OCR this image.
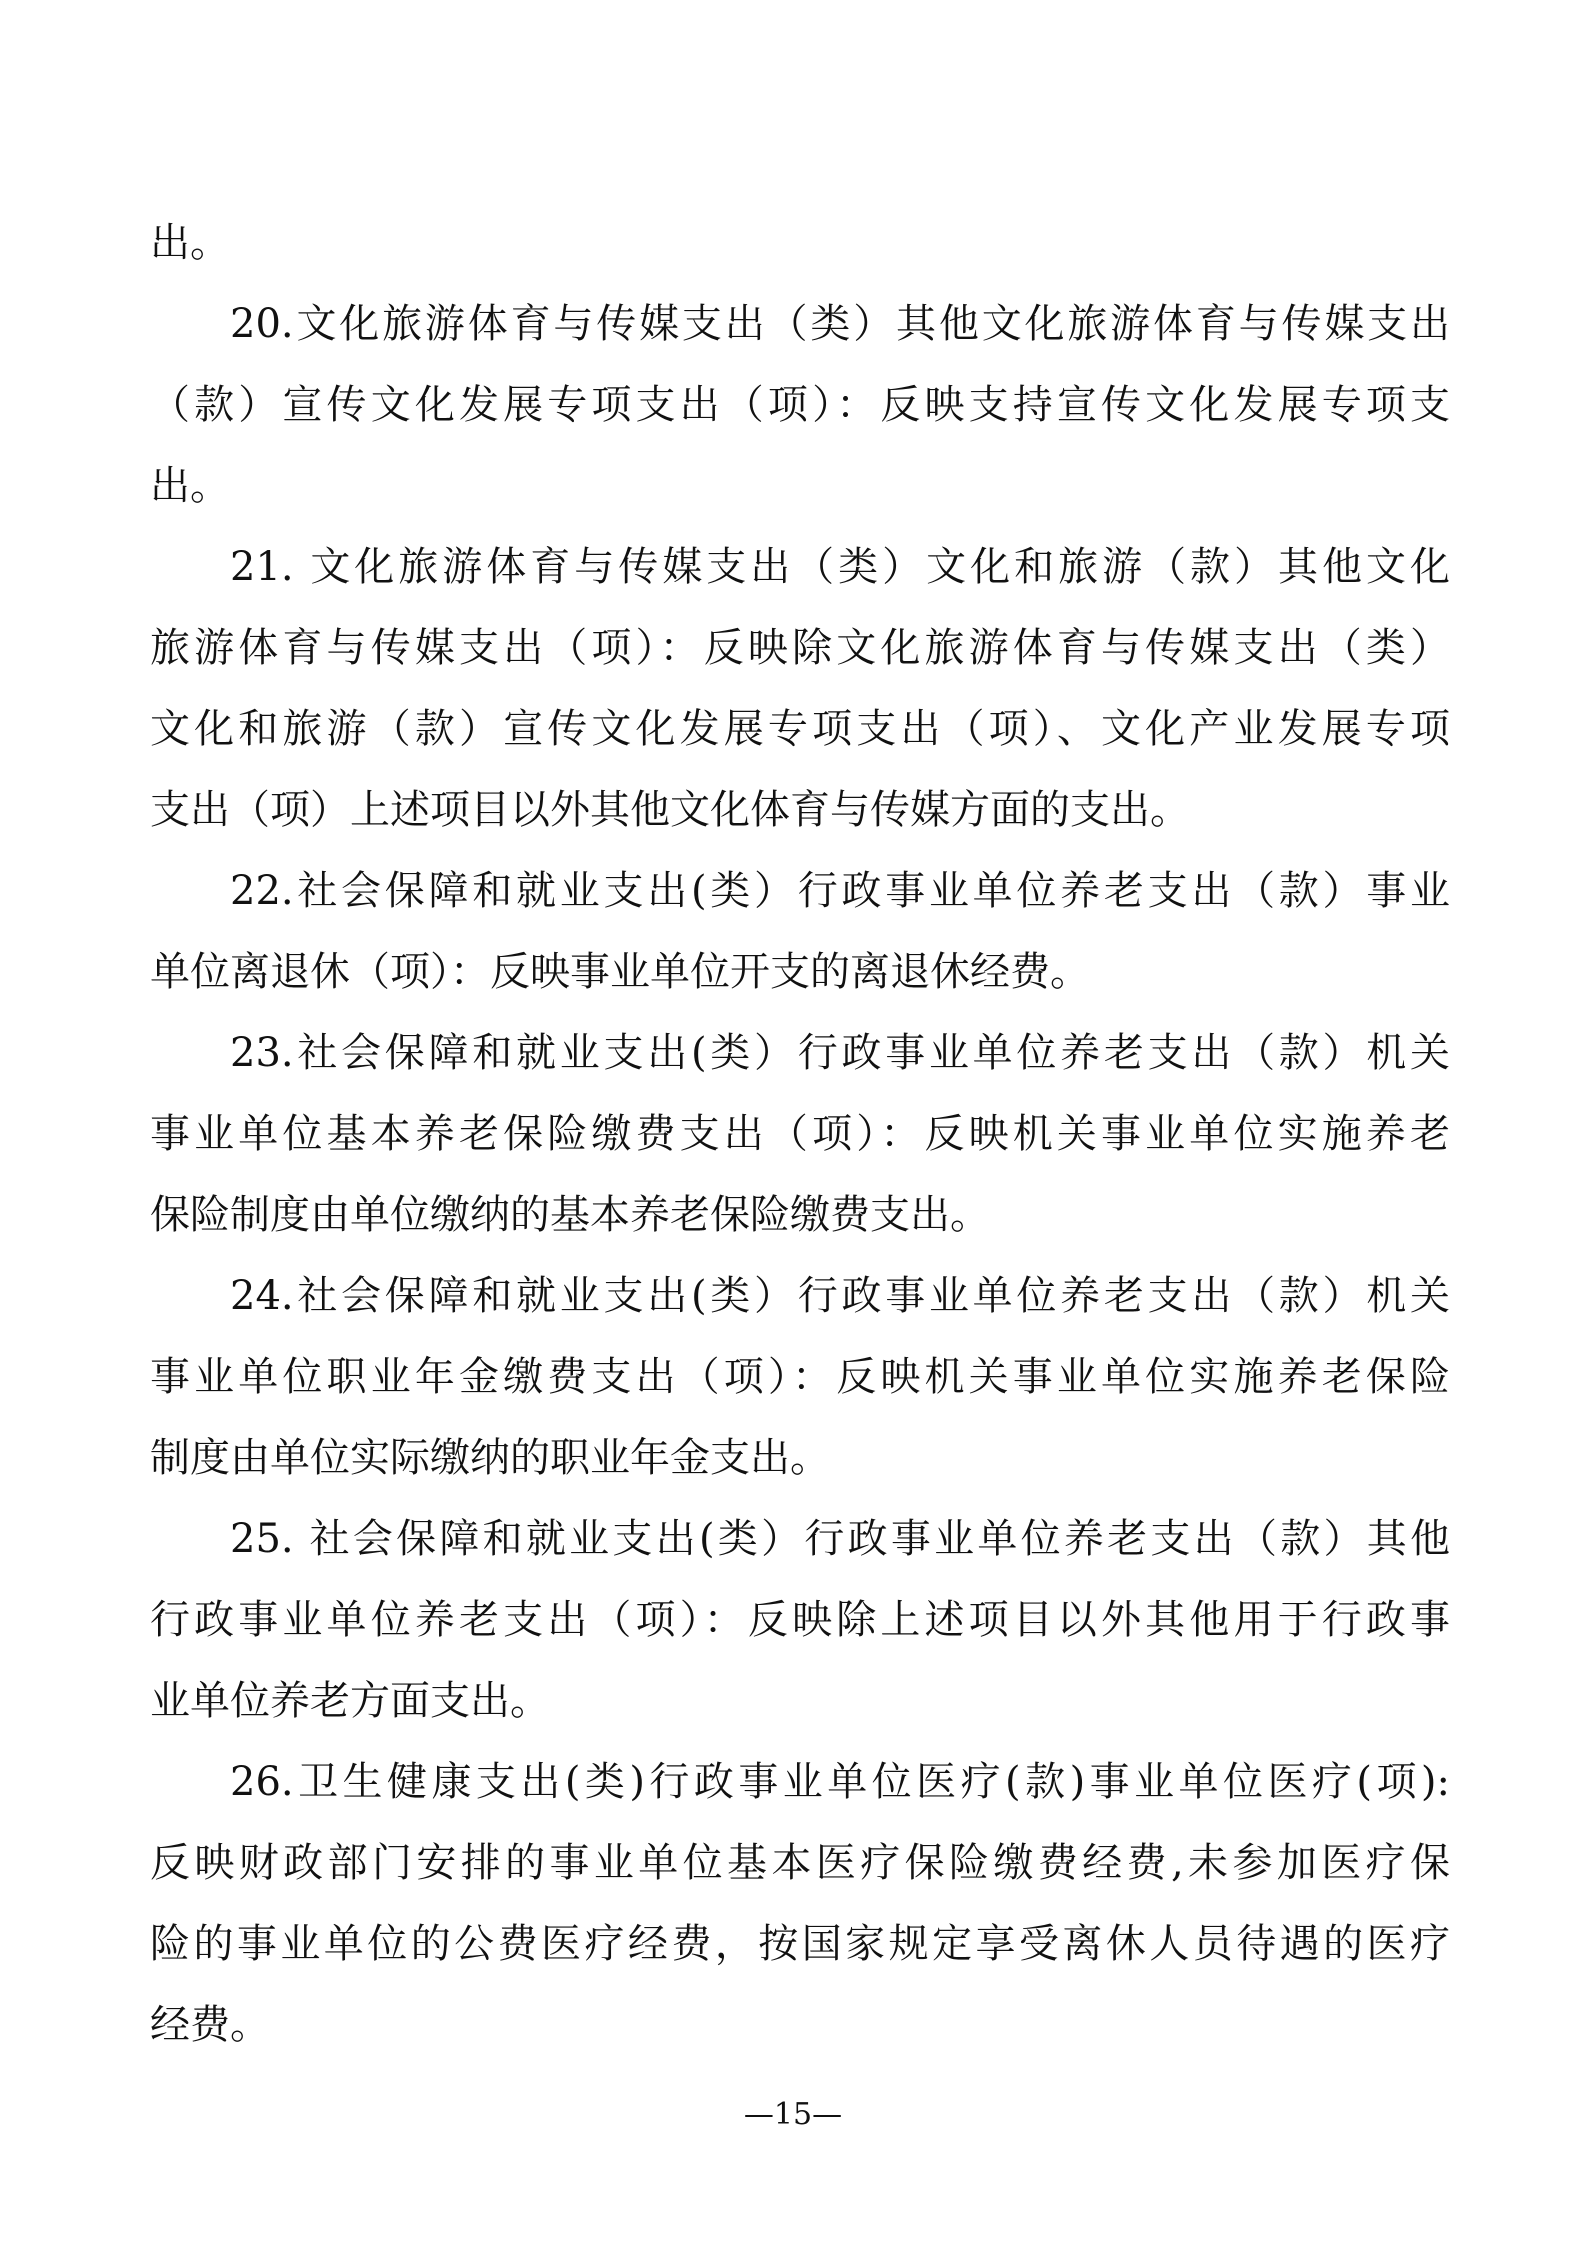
出。
20.文化旅游体育与传媒支出（类）其他文化旅游体育与传媒支出
（款）宣传文化发展专项支出（项）：反映支持宣传文化发展专项支
出。
21. 文化旅游体育与传媒支出（类）文化和旅游（款）其他文化
旅游体育与传媒支出（项）：反映除文化旅游体育与传媒支出（类）
文化和旅游（款）宣传文化发展专项支出（项）、文化产业发展专项
支出（项）上述项目以外其他文化体育与传媒方面的支出。
22.社会保障和就业支出(类）行政事业单位养老支出（款）事业
单位离退休（项）：反映事业单位开支的离退休经费。
23.社会保障和就业支出(类）行政事业单位养老支出（款）机关
事业单位基本养老保险缴费支出（项）：反映机关事业单位实施养老
保险制度由单位缴纳的基本养老保险缴费支出。
24.社会保障和就业支出(类）行政事业单位养老支出（款）机关
事业单位职业年金缴费支出（项）：反映机关事业单位实施养老保险
制度由单位实际缴纳的职业年金支出。
25. 社会保障和就业支出(类）行政事业单位养老支出（款）其他
行政事业单位养老支出（项）：反映除上述项目以外其他用于行政事
业单位养老方面支出。
26.卫生健康支出(类)行政事业单位医疗(款)事业单位医疗(项):
反映财政部门安排的事业单位基本医疗保险缴费经费,未参加医疗保
险的事业单位的公费医疗经费，按国家规定享受离休人员待遇的医疗
经费。
—15—
